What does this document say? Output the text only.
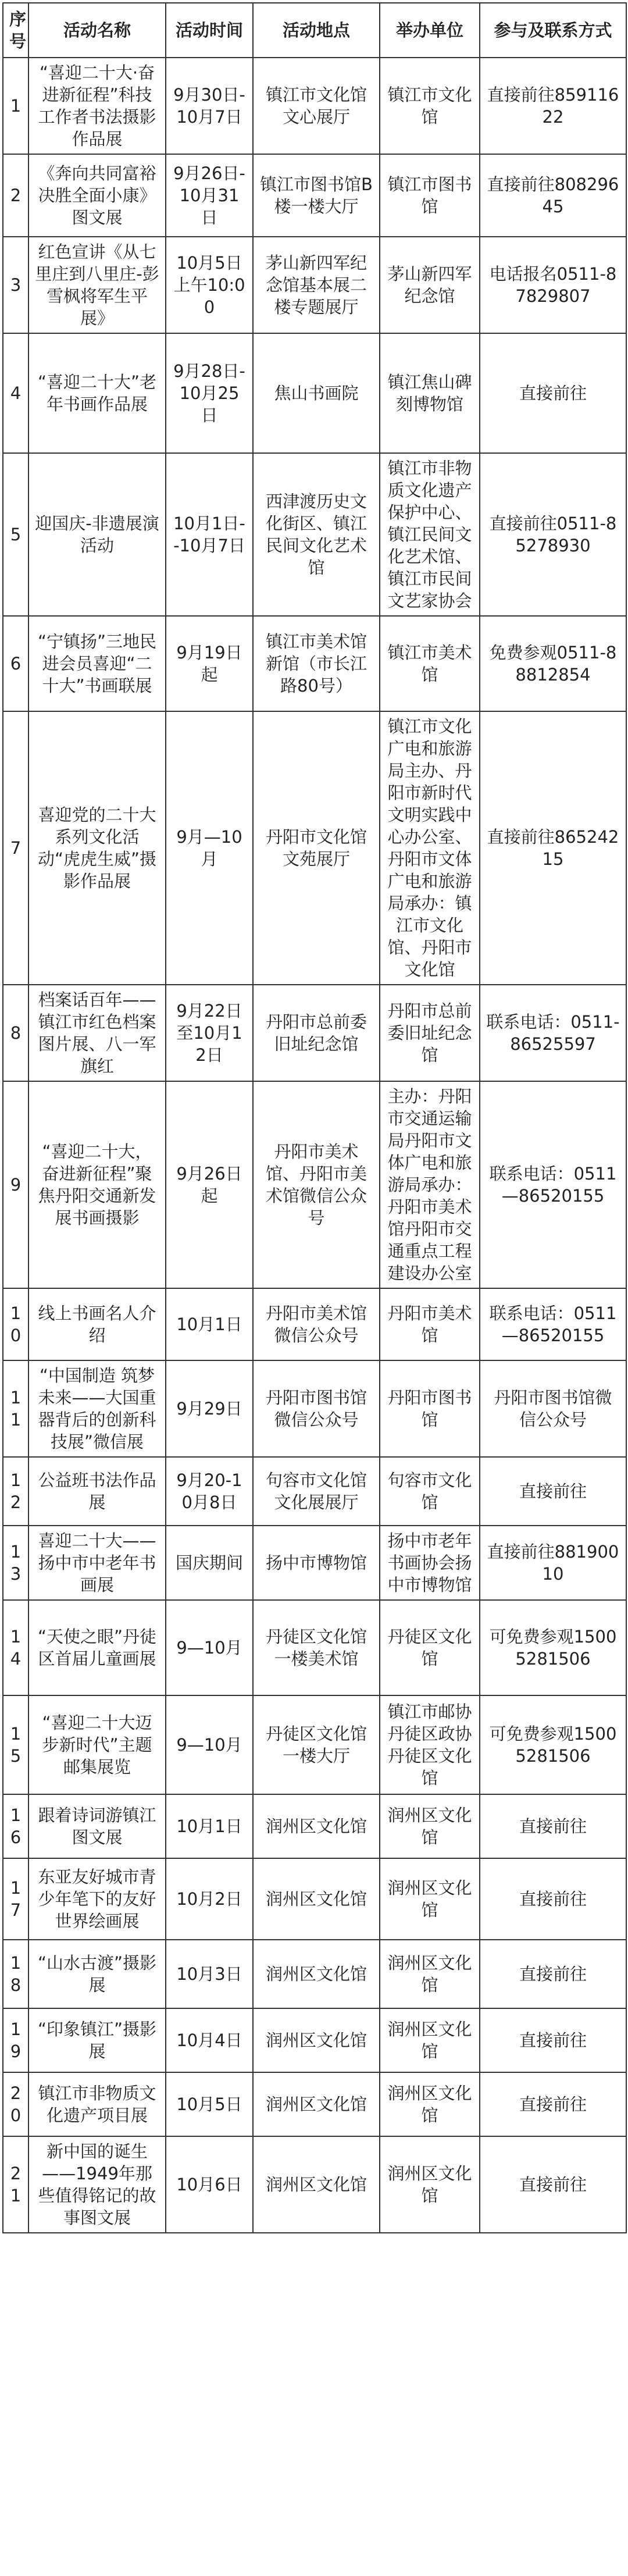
序号	活动名称	活动时间	活动地点	举办单位	参与及联系方式
1	“喜迎二十大·奋进新征程”科技工作者书法摄影作品展	9月30日-10月7日	镇江市文化馆文心展厅	镇江市文化馆	直接前往85911622
2	《奔向共同富裕决胜全面小康》图文展	9月26日-10月31日	镇江市图书馆B楼一楼大厅	镇江市图书馆	直接前往80829645
3	红色宣讲《从七里庄到八里庄-彭雪枫将军生平展》	10月5日上午10:00	茅山新四军纪念馆基本展二楼专题展厅	茅山新四军纪念馆	电话报名0511-87829807
4	“喜迎二十大”老年书画作品展	9月28日-10月25日	焦山书画院	镇江焦山碑刻博物馆	直接前往
5	迎国庆-非遗展演活动	10月1日--10月7日	西津渡历史文化街区、镇江民间文化艺术馆	镇江市非物质文化遗产保护中心、镇江民间文化艺术馆、镇江市民间文艺家协会	直接前往0511-85278930
6	“宁镇扬”三地民进会员喜迎“二十大”书画联展	9月19日起	镇江市美术馆新馆（市长江路80号）	镇江市美术馆	免费参观0511-88812854
7	喜迎党的二十大系列文化活动“虎虎生威”摄影作品展	9月—10月	丹阳市文化馆文苑展厅	镇江市文化广电和旅游局主办、丹阳市新时代文明实践中心办公室、丹阳市文体广电和旅游局承办：镇江市文化馆、丹阳市文化馆	直接前往86524215
8	档案话百年——镇江市红色档案图片展、八一军旗红	9月22日至10月12日	丹阳市总前委旧址纪念馆	丹阳市总前委旧址纪念馆	联系电话：0511-86525597
9	“喜迎二十大，奋进新征程”聚焦丹阳交通新发展书画摄影	9月26日起	丹阳市美术馆、丹阳市美术馆微信公众号	主办：丹阳市交通运输局丹阳市文体广电和旅游局承办：丹阳市美术馆丹阳市交通重点工程建设办公室	联系电话：0511—86520155
10	线上书画名人介绍	10月1日	丹阳市美术馆微信公众号	丹阳市美术馆	联系电话：0511—86520155
11	“中国制造 筑梦未来——大国重器背后的创新科技展”微信展	9月29日	丹阳市图书馆微信公众号	丹阳市图书馆	丹阳市图书馆微信公众号
12	公益班书法作品展	9月20-10月8日	句容市文化馆文化展展厅	句容市文化馆	直接前往
13	喜迎二十大——扬中市中老年书画展	国庆期间	扬中市博物馆	扬中市老年书画协会扬中市博物馆	直接前往88190010
14	“天使之眼”丹徒区首届儿童画展	9—10月	丹徒区文化馆一楼美术馆	丹徒区文化馆	可免费参观15005281506
15	“喜迎二十大迈步新时代”主题邮集展览	9—10月	丹徒区文化馆一楼大厅	镇江市邮协丹徒区政协丹徒区文化馆	可免费参观15005281506
16	跟着诗词游镇江图文展	10月1日	润州区文化馆	润州区文化馆	直接前往
17	东亚友好城市青少年笔下的友好世界绘画展	10月2日	润州区文化馆	润州区文化馆	直接前往
18	“山水古渡”摄影展	10月3日	润州区文化馆	润州区文化馆	直接前往
19	“印象镇江”摄影展	10月4日	润州区文化馆	润州区文化馆	直接前往
20	镇江市非物质文化遗产项目展	10月5日	润州区文化馆	润州区文化馆	直接前往
21	新中国的诞生——1949年那些值得铭记的故事图文展	10月6日	润州区文化馆	润州区文化馆	直接前往
